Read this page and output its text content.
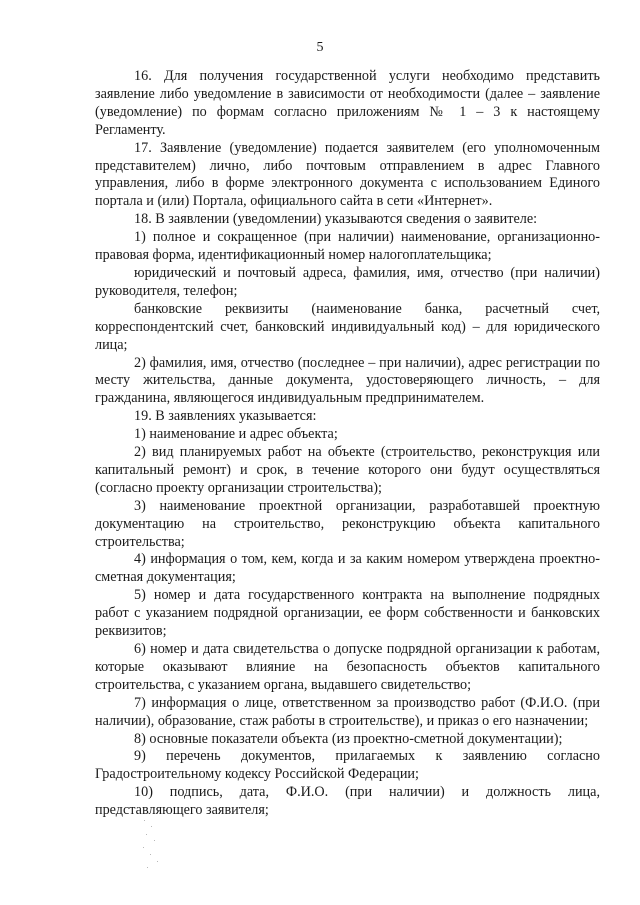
5

16. Для получения государственной услуги необходимо представить заявление либо уведомление в зависимости от необходимости (далее – заявление (уведомление) по формам согласно приложениям № 1 – 3 к настоящему Регламенту.

17. Заявление (уведомление) подается заявителем (его уполномоченным представителем) лично, либо почтовым отправлением в адрес Главного управления, либо в форме электронного документа с использованием Единого портала и (или) Портала, официального сайта в сети «Интернет».

18. В заявлении (уведомлении) указываются сведения о заявителе:

1) полное и сокращенное (при наличии) наименование, организационно-правовая форма, идентификационный номер налогоплательщика;

юридический и почтовый адреса, фамилия, имя, отчество (при наличии) руководителя, телефон;

банковские реквизиты (наименование банка, расчетный счет, корреспондентский счет, банковский индивидуальный код) – для юридического лица;

2) фамилия, имя, отчество (последнее – при наличии), адрес регистрации по месту жительства, данные документа, удостоверяющего личность, – для гражданина, являющегося индивидуальным предпринимателем.

19. В заявлениях указывается:

1) наименование и адрес объекта;

2) вид планируемых работ на объекте (строительство, реконструкция или капитальный ремонт) и срок, в течение которого они будут осуществляться (согласно проекту организации строительства);

3) наименование проектной организации, разработавшей проектную документацию на строительство, реконструкцию объекта капитального строительства;

4) информация о том, кем, когда и за каким номером утверждена проектно-сметная документация;

5) номер и дата государственного контракта на выполнение подрядных работ с указанием подрядной организации, ее форм собственности и банковских реквизитов;

6) номер и дата свидетельства о допуске подрядной организации к работам, которые оказывают влияние на безопасность объектов капитального строительства, с указанием органа, выдавшего свидетельство;

7) информация о лице, ответственном за производство работ (Ф.И.О. (при наличии), образование, стаж работы в строительстве), и приказ о его назначении;

8) основные показатели объекта (из проектно-сметной документации);

9) перечень документов, прилагаемых к заявлению согласно Градостроительному кодексу Российской Федерации;

10) подпись, дата, Ф.И.О. (при наличии) и должность лица, представляющего заявителя;
